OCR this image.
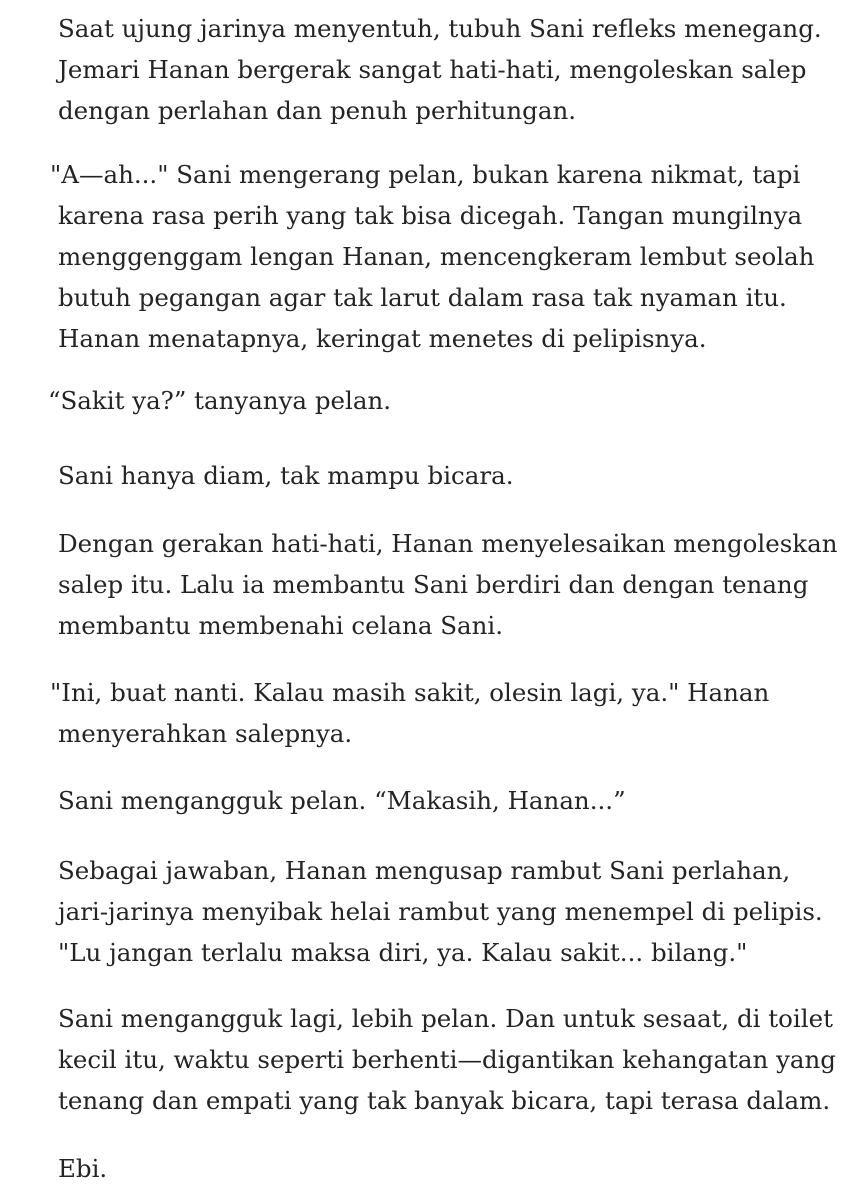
Saat ujung jarinya menyentuh, tubuh Sani refleks menegang.
Jemari Hanan bergerak sangat hati-hati, mengoleskan salep
dengan perlahan dan penuh perhitungan.

"A—ah..." Sani mengerang pelan, bukan karena nikmat, tapi
karena rasa perih yang tak bisa dicegah. Tangan mungilnya
menggenggam lengan Hanan, mencengkeram lembut seolah
butuh pegangan agar tak larut dalam rasa tak nyaman itu.
Hanan menatapnya, keringat menetes di pelipisnya.

“Sakit ya?” tanyanya pelan.

Sani hanya diam, tak mampu bicara.

Dengan gerakan hati-hati, Hanan menyelesaikan mengoleskan
salep itu. Lalu ia membantu Sani berdiri dan dengan tenang
membantu membenahi celana Sani.

"Ini, buat nanti. Kalau masih sakit, olesin lagi, ya." Hanan
menyerahkan salepnya.

Sani mengangguk pelan. “Makasih, Hanan...”

Sebagai jawaban, Hanan mengusap rambut Sani perlahan,
jari-jarinya menyibak helai rambut yang menempel di pelipis.
"Lu jangan terlalu maksa diri, ya. Kalau sakit... bilang."

Sani mengangguk lagi, lebih pelan. Dan untuk sesaat, di toilet
kecil itu, waktu seperti berhenti—digantikan kehangatan yang
tenang dan empati yang tak banyak bicara, tapi terasa dalam.

Ebi.
